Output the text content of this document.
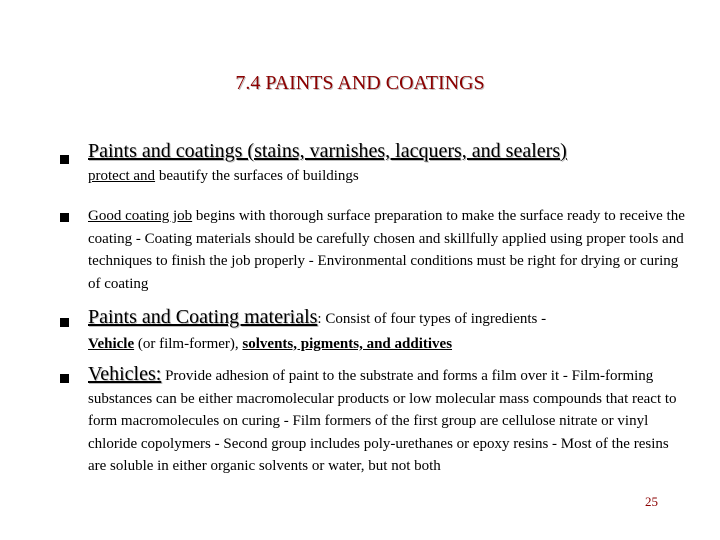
7.4 PAINTS AND COATINGS
Paints and coatings (stains, varnishes, lacquers, and sealers)
protect and beautify the surfaces of buildings
Good coating job begins with thorough surface preparation to make the surface ready to receive the coating - Coating materials should be carefully chosen and skillfully applied using proper tools and techniques to finish the job properly - Environmental conditions must be right for drying or curing of coating
Paints and Coating materials: Consist of four types of ingredients -
Vehicle (or film-former), solvents, pigments, and additives
Vehicles: Provide adhesion of paint to the substrate and forms a film over it - Film-forming substances can be either macromolecular products or low molecular mass compounds that react to form macromolecules on curing - Film formers of the first group are cellulose nitrate or vinyl chloride copolymers - Second group includes poly-urethanes or epoxy resins - Most of the resins are soluble in either organic solvents or water, but not both
25
